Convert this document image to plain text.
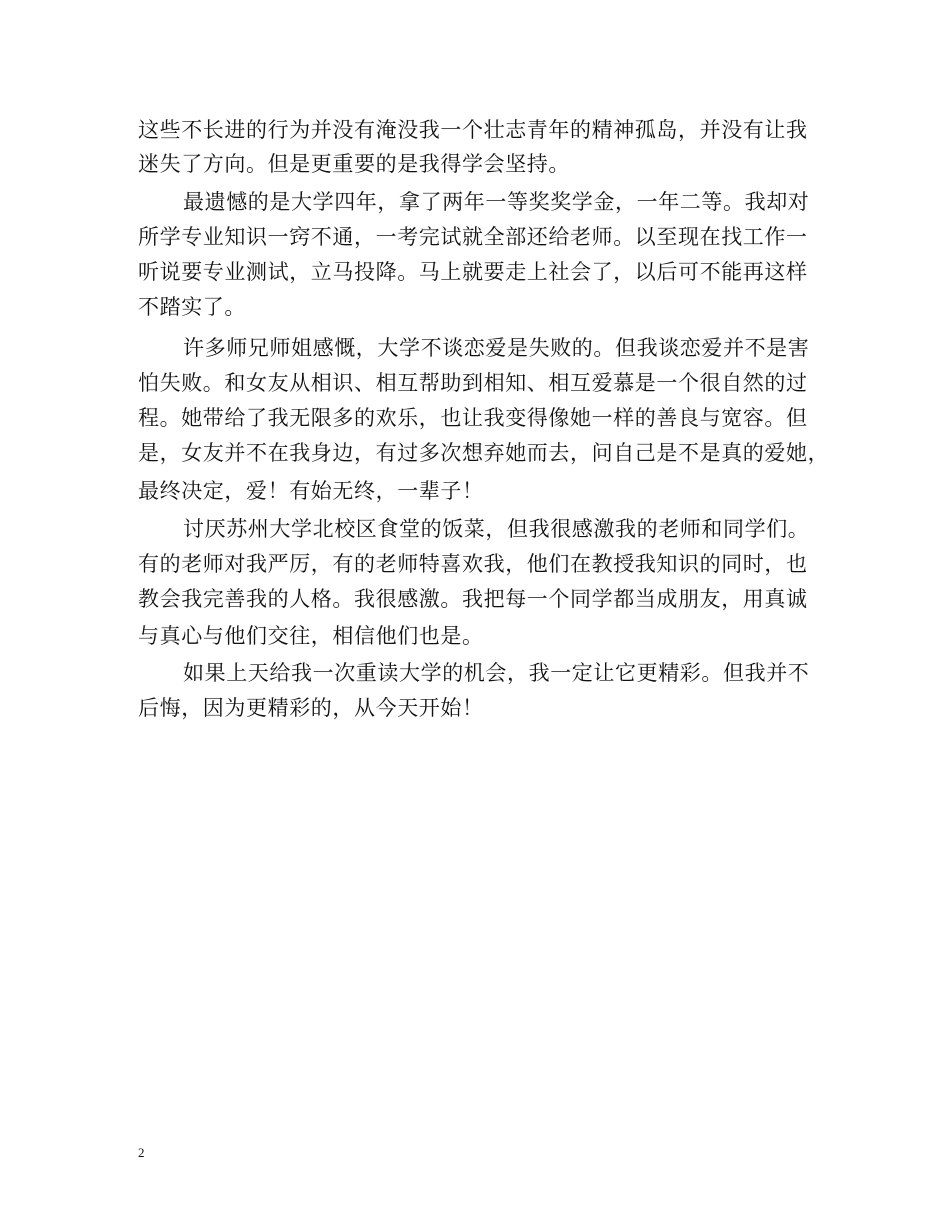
这些不长进的行为并没有淹没我一个壮志青年的精神孤岛，并没有让我
迷失了方向。但是更重要的是我得学会坚持。
最遗憾的是大学四年，拿了两年一等奖奖学金，一年二等。我却对
所学专业知识一窍不通，一考完试就全部还给老师。以至现在找工作一
听说要专业测试，立马投降。马上就要走上社会了，以后可不能再这样
不踏实了。
许多师兄师姐感慨，大学不谈恋爱是失败的。但我谈恋爱并不是害
怕失败。和女友从相识、相互帮助到相知、相互爱慕是一个很自然的过
程。她带给了我无限多的欢乐，也让我变得像她一样的善良与宽容。但
是，女友并不在我身边，有过多次想弃她而去，问自己是不是真的爱她，
最终决定，爱！有始无终，一辈子！
讨厌苏州大学北校区食堂的饭菜，但我很感激我的老师和同学们。
有的老师对我严厉，有的老师特喜欢我，他们在教授我知识的同时，也
教会我完善我的人格。我很感激。我把每一个同学都当成朋友，用真诚
与真心与他们交往，相信他们也是。
如果上天给我一次重读大学的机会，我一定让它更精彩。但我并不
后悔，因为更精彩的，从今天开始！
2
